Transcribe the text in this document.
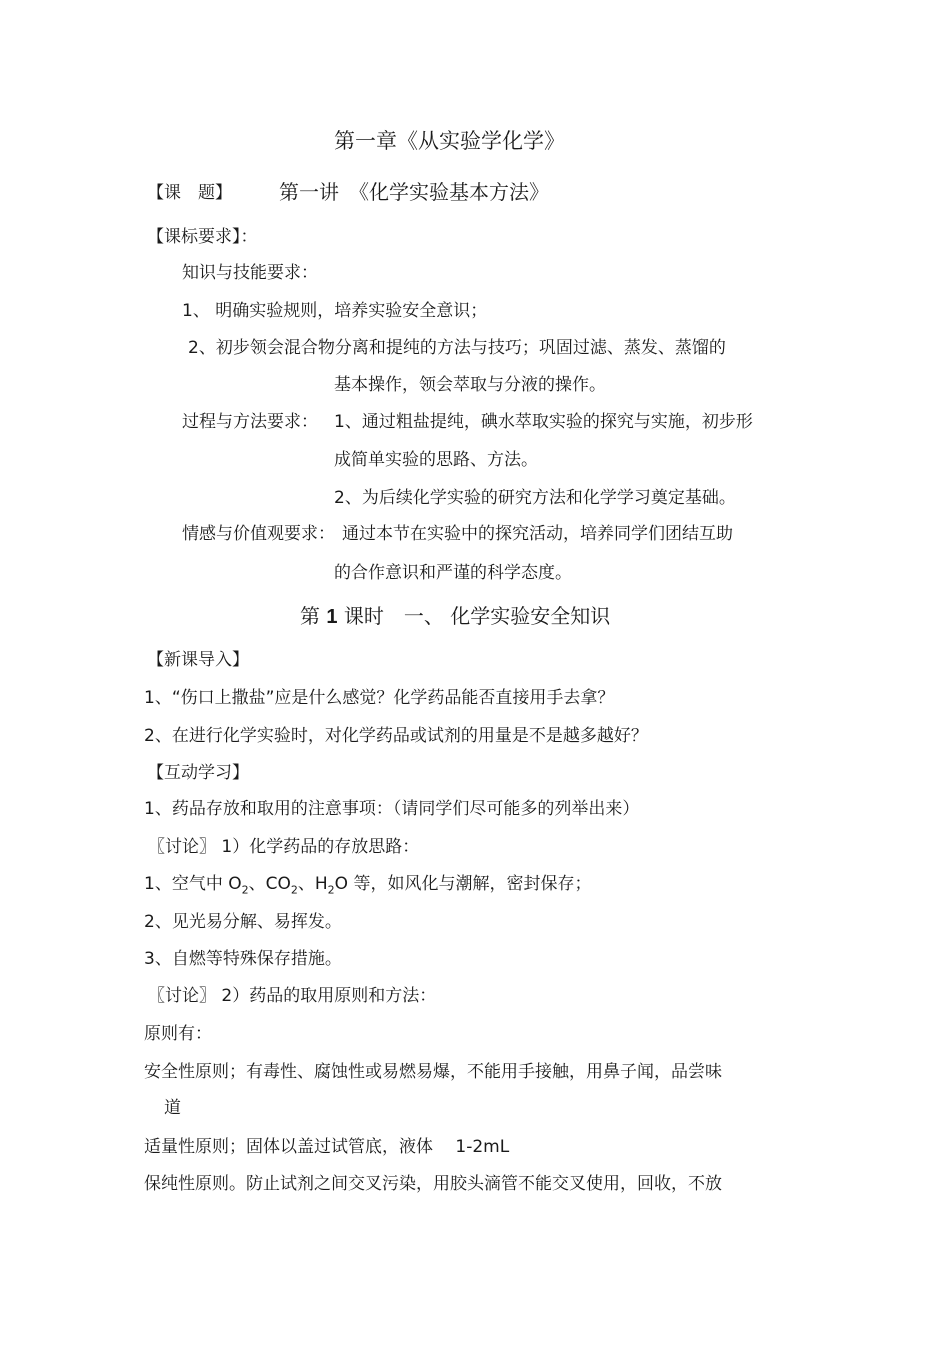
第一章《从实验学化学》
【课　题】 第一讲　《化学实验基本方法》
【课标要求】：
知识与技能要求：
1、 明确实验规则，培养实验安全意识；
2、初步领会混合物分离和提纯的方法与技巧；巩固过滤、蒸发、蒸馏的
基本操作，领会萃取与分液的操作。
过程与方法要求： 1、通过粗盐提纯，碘水萃取实验的探究与实施，初步形
成简单实验的思路、方法。
2、为后续化学实验的研究方法和化学学习奠定基础。
情感与价值观要求： 通过本节在实验中的探究活动，培养同学们团结互助
的合作意识和严谨的科学态度。
第 1 课时　一、 化学实验安全知识
【新课导入】
1、“伤口上撒盐”应是什么感觉？化学药品能否直接用手去拿？
2、在进行化学实验时，对化学药品或试剂的用量是不是越多越好？
【互动学习】
1、药品存放和取用的注意事项：（请同学们尽可能多的列举出来）
〖讨论〗 1）化学药品的存放思路：
1、空气中 $O_2$、$CO_2$、$H_2O$ 等，如风化与潮解，密封保存；
2、见光易分解、易挥发。
3、自燃等特殊保存措施。
〖讨论〗 2）药品的取用原则和方法：
原则有：
安全性原则；有毒性、腐蚀性或易燃易爆，不能用手接触，用鼻子闻，品尝味
道
适量性原则；固体以盖过试管底，液体　 1-2mL
保纯性原则。防止试剂之间交叉污染，用胶头滴管不能交叉使用，回收，不放
